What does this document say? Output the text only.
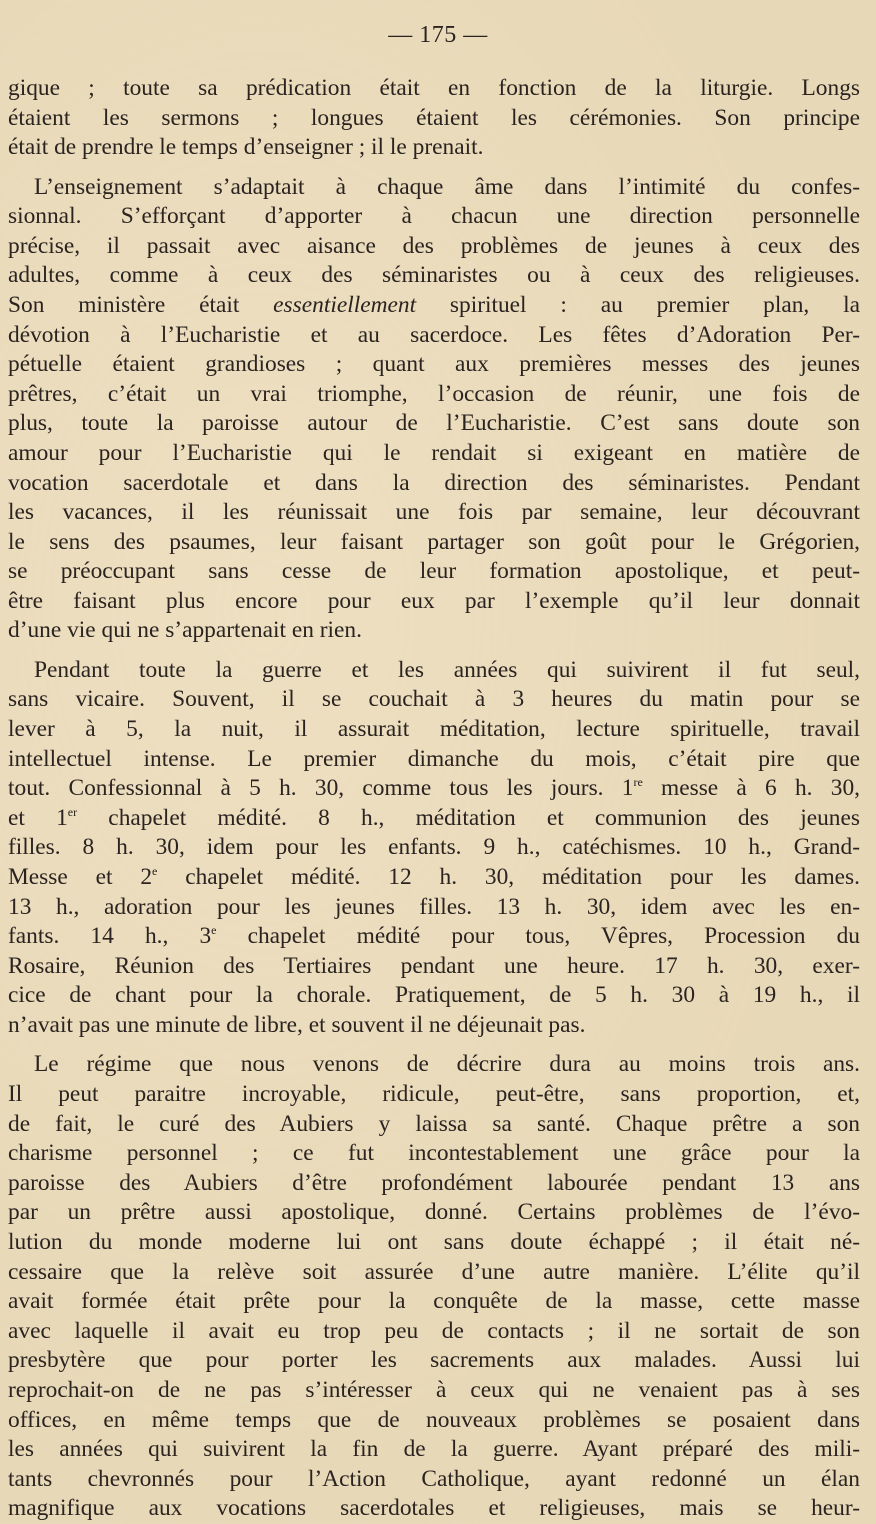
— 175 —
gique ; toute sa prédication était en fonction de la liturgie. Longs
étaient les sermons ; longues étaient les cérémonies. Son principe
était de prendre le temps d’enseigner ; il le prenait.
L’enseignement s’adaptait à chaque âme dans l’intimité du confes-
sionnal. S’efforçant d’apporter à chacun une direction personnelle
précise, il passait avec aisance des problèmes de jeunes à ceux des
adultes, comme à ceux des séminaristes ou à ceux des religieuses.
Son ministère était essentiellement spirituel : au premier plan, la
dévotion à l’Eucharistie et au sacerdoce. Les fêtes d’Adoration Per-
pétuelle étaient grandioses ; quant aux premières messes des jeunes
prêtres, c’était un vrai triomphe, l’occasion de réunir, une fois de
plus, toute la paroisse autour de l’Eucharistie. C’est sans doute son
amour pour l’Eucharistie qui le rendait si exigeant en matière de
vocation sacerdotale et dans la direction des séminaristes. Pendant
les vacances, il les réunissait une fois par semaine, leur découvrant
le sens des psaumes, leur faisant partager son goût pour le Grégorien,
se préoccupant sans cesse de leur formation apostolique, et peut-
être faisant plus encore pour eux par l’exemple qu’il leur donnait
d’une vie qui ne s’appartenait en rien.
Pendant toute la guerre et les années qui suivirent il fut seul,
sans vicaire. Souvent, il se couchait à 3 heures du matin pour se
lever à 5, la nuit, il assurait méditation, lecture spirituelle, travail
intellectuel intense. Le premier dimanche du mois, c’était pire que
tout. Confessionnal à 5 h. 30, comme tous les jours. 1re messe à 6 h. 30,
et 1er chapelet médité. 8 h., méditation et communion des jeunes
filles. 8 h. 30, idem pour les enfants. 9 h., catéchismes. 10 h., Grand-
Messe et 2e chapelet médité. 12 h. 30, méditation pour les dames.
13 h., adoration pour les jeunes filles. 13 h. 30, idem avec les en-
fants. 14 h., 3e chapelet médité pour tous, Vêpres, Procession du
Rosaire, Réunion des Tertiaires pendant une heure. 17 h. 30, exer-
cice de chant pour la chorale. Pratiquement, de 5 h. 30 à 19 h., il
n’avait pas une minute de libre, et souvent il ne déjeunait pas.
Le régime que nous venons de décrire dura au moins trois ans.
Il peut paraitre incroyable, ridicule, peut-être, sans proportion, et,
de fait, le curé des Aubiers y laissa sa santé. Chaque prêtre a son
charisme personnel ; ce fut incontestablement une grâce pour la
paroisse des Aubiers d’être profondément labourée pendant 13 ans
par un prêtre aussi apostolique, donné. Certains problèmes de l’évo-
lution du monde moderne lui ont sans doute échappé ; il était né-
cessaire que la relève soit assurée d’une autre manière. L’élite qu’il
avait formée était prête pour la conquête de la masse, cette masse
avec laquelle il avait eu trop peu de contacts ; il ne sortait de son
presbytère que pour porter les sacrements aux malades. Aussi lui
reprochait-on de ne pas s’intéresser à ceux qui ne venaient pas à ses
offices, en même temps que de nouveaux problèmes se posaient dans
les années qui suivirent la fin de la guerre. Ayant préparé des mili-
tants chevronnés pour l’Action Catholique, ayant redonné un élan
magnifique aux vocations sacerdotales et religieuses, mais se heur-
